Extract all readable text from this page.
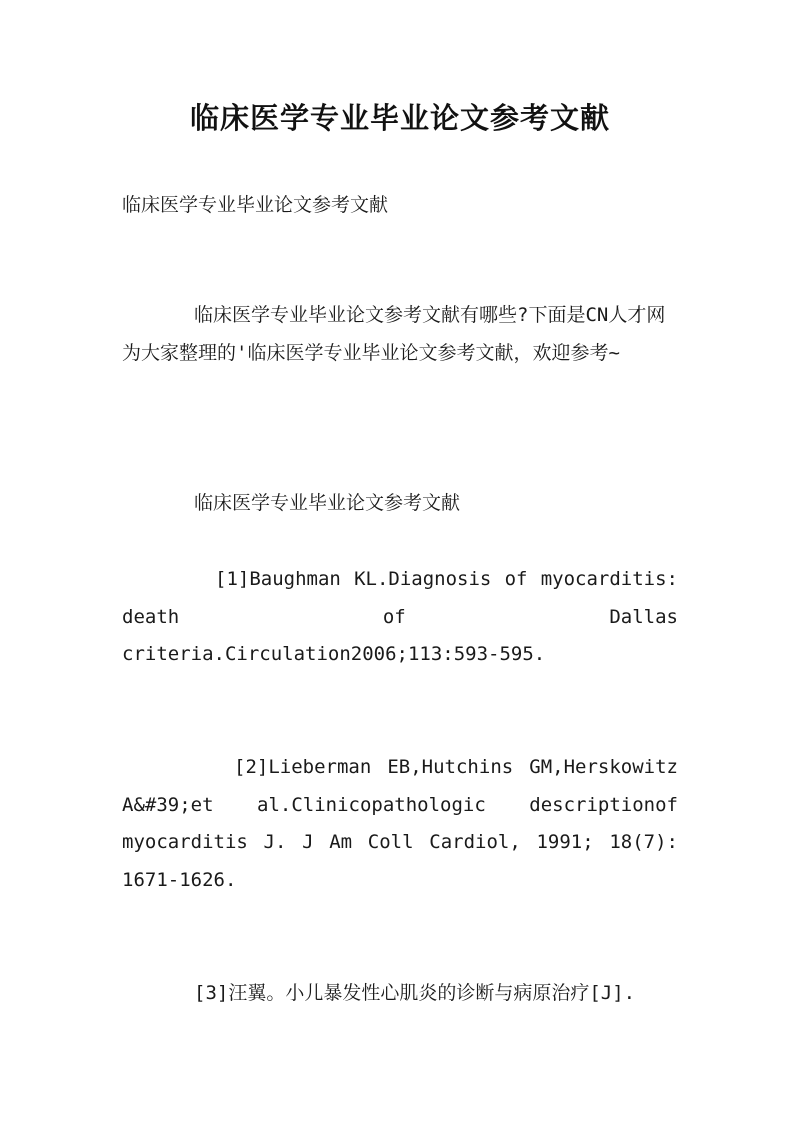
临床医学专业毕业论文参考文献
临床医学专业毕业论文参考文献
临床医学专业毕业论文参考文献有哪些?下面是CN人才网为大家整理的'临床医学专业毕业论文参考文献，欢迎参考~
临床医学专业毕业论文参考文献
[1]Baughman KL.Diagnosis of myocarditis: death of Dallas criteria.Circulation2006;113:593-595.
[2]Lieberman EB,Hutchins GM,Herskowitz A&#39;et al.Clinicopathologic descriptionof myocarditis J. J Am Coll Cardiol, 1991; 18(7): 1671-1626.
[3]汪翼。小儿暴发性心肌炎的诊断与病原治疗[J].
